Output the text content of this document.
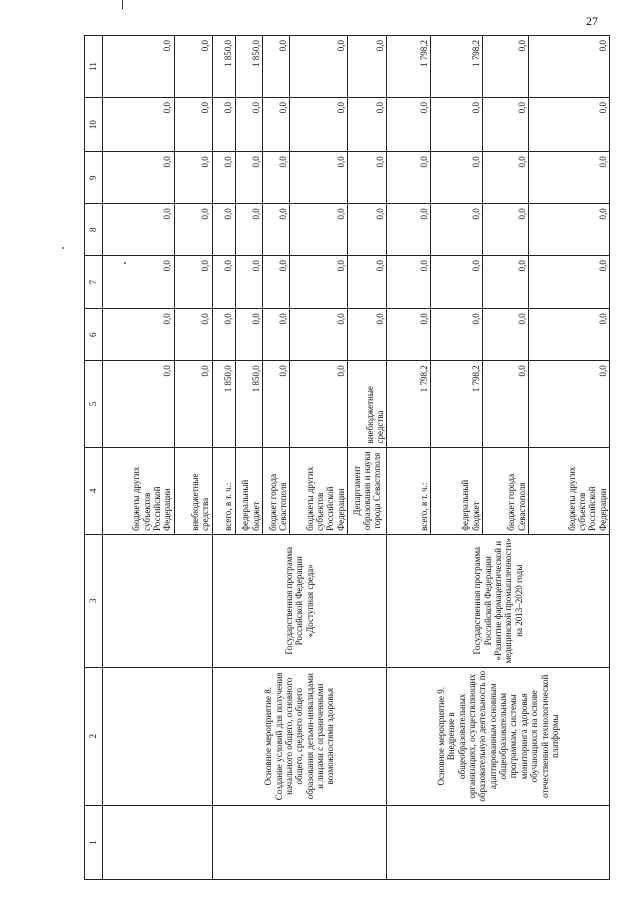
27
1	2	3	4	5	6	7	8	9	10	11
			бюджеты других субъектов Российской Федерации	0,0	0,0	0,0	0,0	0,0	0,0	0,0
			внебюджетные средства	0,0	0,0	0,0	0,0	0,0	0,0	0,0
	Основное мероприятие 8. Создание условий для получения начального общего, основного общего, среднего общего образования детьми-инвалидами и лицами с ограниченными возможностями здоровья	Государственная программа Российской Федерации «Доступная среда»	всего, в т. ч.:	1 850,0	0,0	0,0	0,0	0,0	0,0	1 850,0
			федеральный бюджет	1 850,0	0,0	0,0	0,0	0,0	0,0	1 850,0
			бюджет города Севастополя	0,0	0,0	0,0	0,0	0,0	0,0	0,0
			бюджеты других субъектов Российской Федерации	0,0	0,0	0,0	0,0	0,0	0,0	0,0
			Департамент образования и науки города Севастополя	внебюджетные средства	0,0	0,0	0,0	0,0	0,0	0,0
	Основное мероприятие 9. Внедрение в общеобразовательных организациях, осуществляющих образовательную деятельность по адаптированным основным общеобразовательным программам, системы мониторинга здоровья обучающихся на основе отечественной технологической платформы	Государственная программа Российской Федерации «Развитие фармацевтической и медицинской промышленности» на 2013–2020 годы	всего, в т. ч.:	1 798,2	0,0	0,0	0,0	0,0	0,0	1 798,2
			федеральный бюджет	1 798,2	0,0	0,0	0,0	0,0	0,0	1 798,2
			бюджет города Севастополя	0,0	0,0	0,0	0,0	0,0	0,0	0,0
			бюджеты других субъектов Российской Федерации	0,0	0,0	0,0	0,0	0,0	0,0	0,0
